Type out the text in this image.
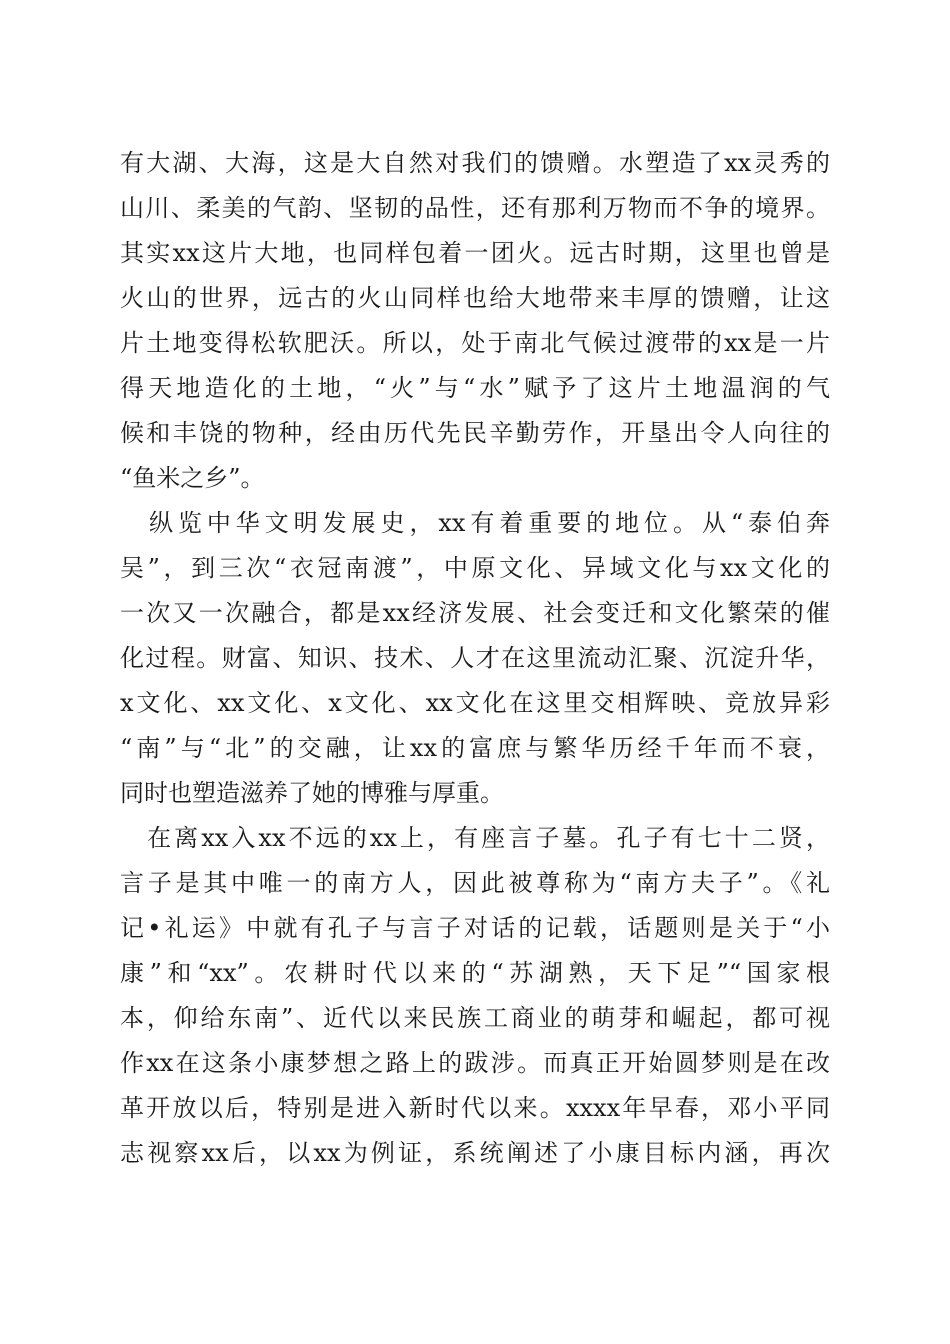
有大湖、大海，这是大自然对我们的馈赠。水塑造了xx灵秀的
山川、柔美的气韵、坚韧的品性，还有那利万物而不争的境界。
其实xx这片大地，也同样包着一团火。远古时期，这里也曾是
火山的世界，远古的火山同样也给大地带来丰厚的馈赠，让这
片土地变得松软肥沃。所以，处于南北气候过渡带的xx是一片
得天地造化的土地，“火”与“水”赋予了这片土地温润的气
候和丰饶的物种，经由历代先民辛勤劳作，开垦出令人向往的
“鱼米之乡”。
　纵览中华文明发展史，xx有着重要的地位。从“泰伯奔
吴”，到三次“衣冠南渡”，中原文化、异域文化与xx文化的
一次又一次融合，都是xx经济发展、社会变迁和文化繁荣的催
化过程。财富、知识、技术、人才在这里流动汇聚、沉淀升华，
x文化、xx文化、x文化、xx文化在这里交相辉映、竞放异彩
“南”与“北”的交融，让xx的富庶与繁华历经千年而不衰，
同时也塑造滋养了她的博雅与厚重。
　在离xx入xx不远的xx上，有座言子墓。孔子有七十二贤，
言子是其中唯一的南方人，因此被尊称为“南方夫子”。《礼
记•礼运》中就有孔子与言子对话的记载，话题则是关于“小
康”和“xx”。农耕时代以来的“苏湖熟，天下足”“国家根
本，仰给东南”、近代以来民族工商业的萌芽和崛起，都可视
作xx在这条小康梦想之路上的跋涉。而真正开始圆梦则是在改
革开放以后，特别是进入新时代以来。xxxx年早春，邓小平同
志视察xx后，以xx为例证，系统阐述了小康目标内涵，再次
